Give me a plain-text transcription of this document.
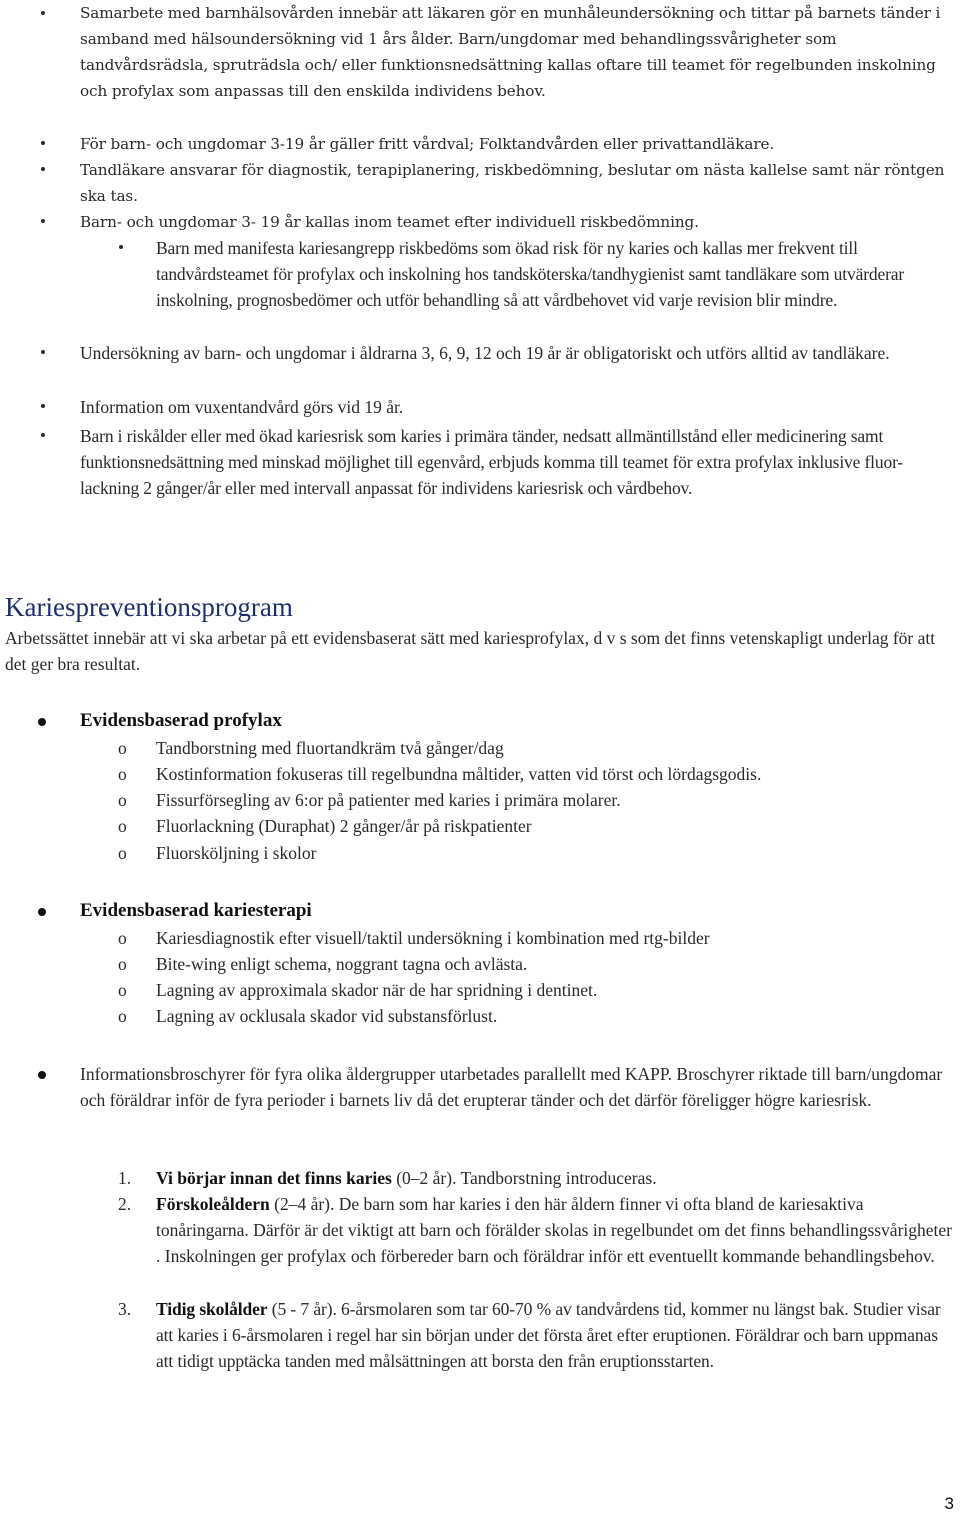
Samarbete med barnhälsovården innebär att läkaren gör en munhåleundersökning och tittar på barnets tänder i samband med hälsoundersökning vid 1 års ålder. Barn/ungdomar med behandlingssvårigheter som tandvårdsrädsla, spruträdsla och/ eller funktionsnedsättning kallas oftare till teamet för regelbunden inskolning och profylax som anpassas till den enskilda individens behov.
För barn- och ungdomar 3-19 år gäller fritt vårdval; Folktandvården eller privattandläkare.
Tandläkare ansvarar för diagnostik, terapiplanering, riskbedömning, beslutar om nästa kallelse samt när röntgen ska tas.
Barn- och ungdomar 3- 19 år kallas inom teamet efter individuell riskbedömning.
Barn med manifesta kariesangrepp riskbedöms som ökad risk för ny karies och kallas mer frekvent till tandvårdsteamet för profylax och inskolning hos tandsköterska/tandhygienist samt tandläkare som utvärderar inskolning, prognosbedömer och utför behandling så att vårdbehovet vid varje revision blir mindre.
Undersökning av barn- och ungdomar i åldrarna 3, 6, 9, 12 och 19 år är obligatoriskt och utförs alltid av tandläkare.
Information om vuxentandvård görs vid 19 år.
Barn i riskålder eller med ökad kariesrisk som karies i primära tänder, nedsatt allmäntillstånd eller medicinering samt funktionsnedsättning med minskad möjlighet till egenvård, erbjuds komma till teamet för extra profylax inklusive fluor-lackning 2 gånger/år eller med intervall anpassat för individens kariesrisk och vårdbehov.
Kariespreventionsprogram
Arbetssättet innebär att vi ska arbetar på ett evidensbaserat sätt med kariesprofylax, d v s som det finns vetenskapligt underlag för att det ger bra resultat.
Evidensbaserad profylax
o Tandborstning med fluortandkräm två gånger/dag
o Kostinformation fokuseras till regelbundna måltider, vatten vid törst och lördagsgodis.
o Fissurförsegling av 6:or på patienter med karies i primära molarer.
o Fluorlackning (Duraphat) 2 gånger/år på riskpatienter
o Fluorsköljning i skolor
Evidensbaserad kariesterapi
o Kariesdiagnostik efter visuell/taktil undersökning i kombination med rtg-bilder
o Bite-wing enligt schema, noggrant tagna och avlästa.
o Lagning av approximala skador när de har spridning i dentinet.
o Lagning av ocklusala skador vid substansförlust.
Informationsbroschyrer för fyra olika åldergrupper utarbetades parallellt med KAPP. Broschyrer riktade till barn/ungdomar och föräldrar inför de fyra perioder i barnets liv då det erupterar tänder och det därför föreligger högre kariesrisk.
1. Vi börjar innan det finns karies (0–2 år). Tandborstning introduceras.
2. Förskoleåldern (2–4 år). De barn som har karies i den här åldern finner vi ofta bland de kariesaktiva tonåringarna. Därför är det viktigt att barn och förälder skolas in regelbundet om det finns behandlingssvårigheter . Inskolningen ger profylax och förbereder barn och föräldrar inför ett eventuellt kommande behandlingsbehov.
3. Tidig skolålder (5 - 7 år). 6-årsmolaren som tar 60-70 % av tandvårdens tid, kommer nu längst bak. Studier visar att karies i 6-årsmolaren i regel har sin början under det första året efter eruptionen. Föräldrar och barn uppmanas att tidigt upptäcka tanden med målsättningen att borsta den från eruptionsstarten.
3
